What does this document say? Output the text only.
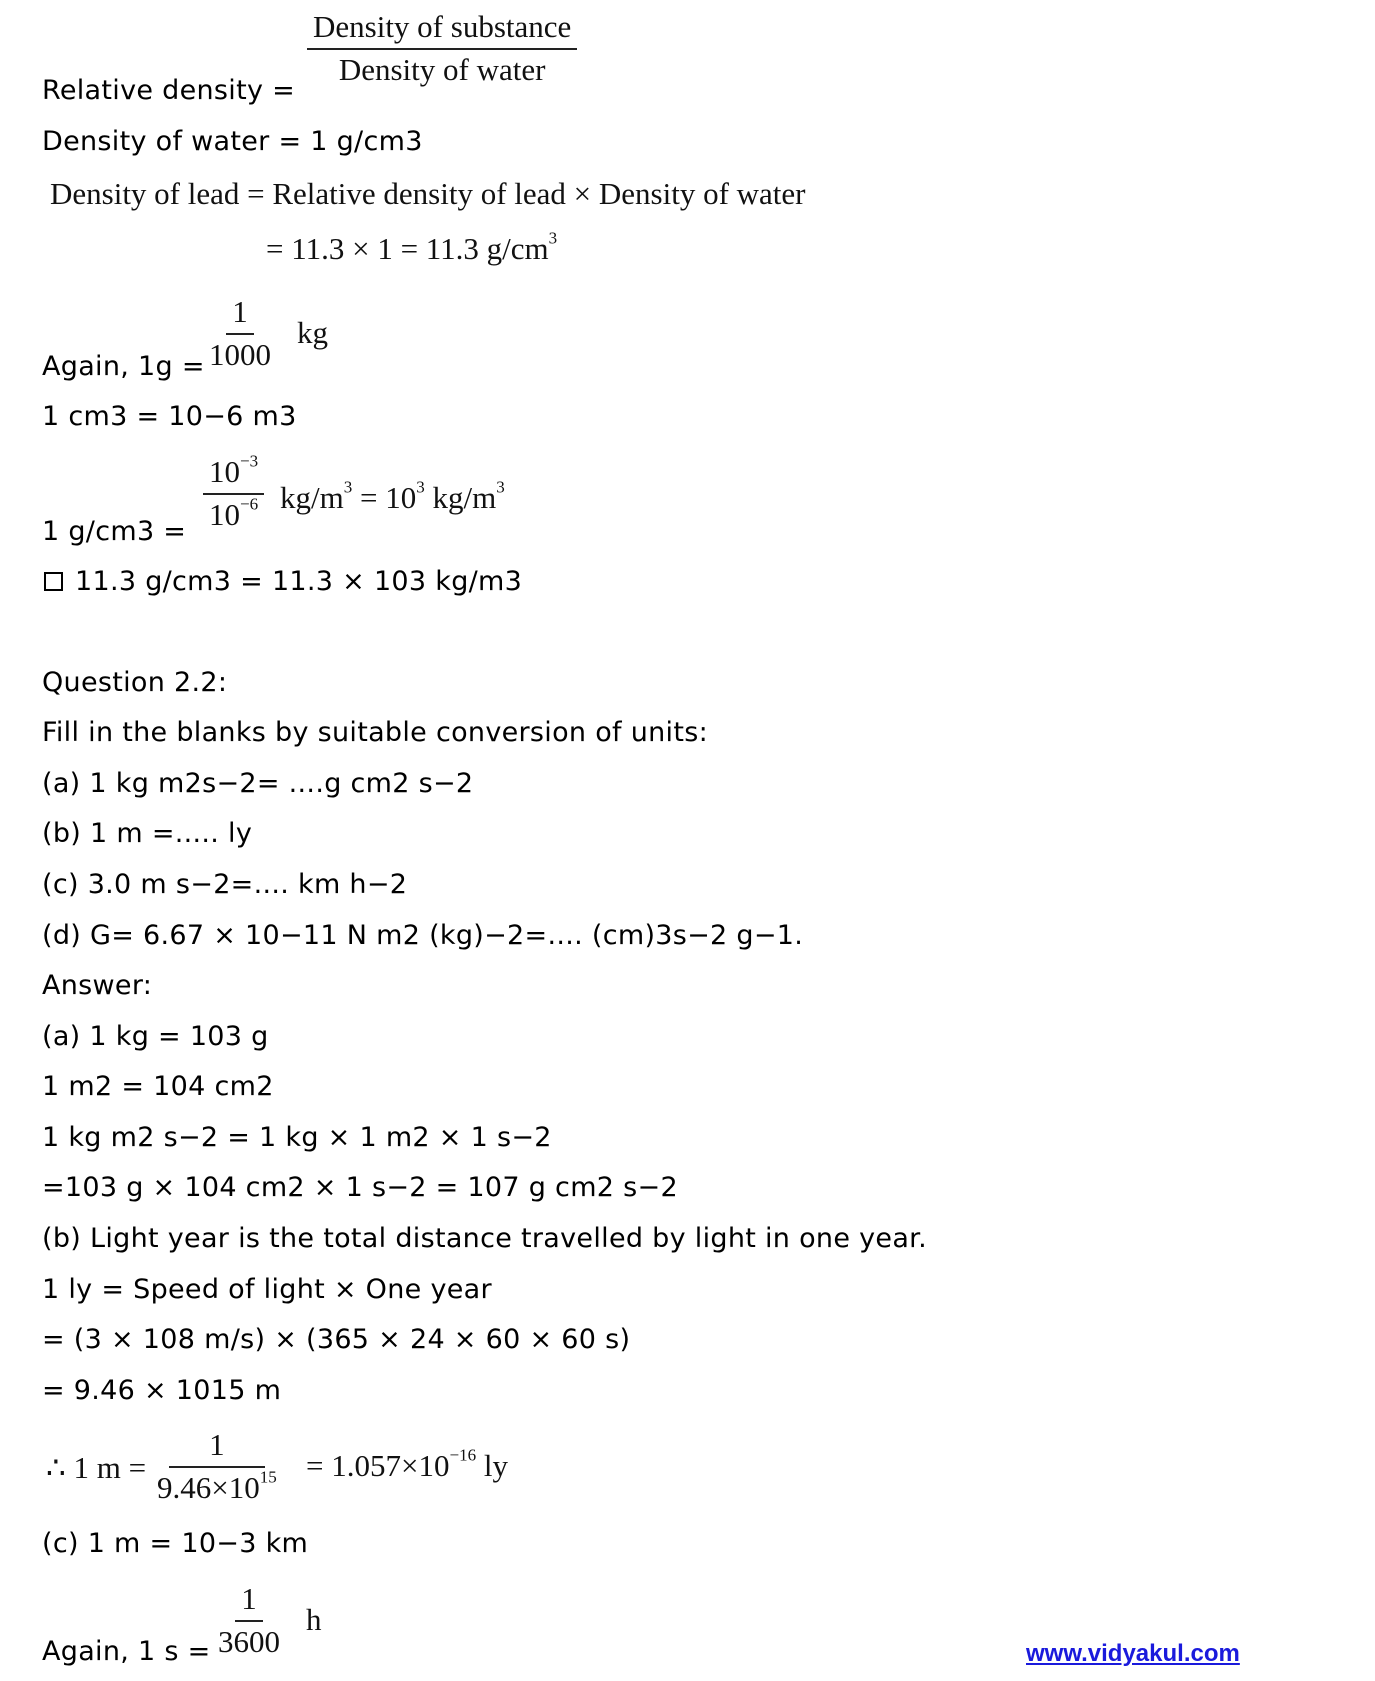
Density of substance
Density of water
Relative density =
Density of water = 1 g/cm3
Density of lead = Relative density of lead × Density of water
= 11.3 × 1 = 11.3 $g/cm^3$
$\frac{1}{1000}$ kg
Again, 1g =
1 cm3 = 10−6 m3
$\frac{10^{-3}}{10^{-6}} kg/m^3 = 10^3$ $kg/m^3$
1 g/cm3 =
11.3 g/cm3 = 11.3 × 103 kg/m3
Question 2.2:
Fill in the blanks by suitable conversion of units:
(a) 1 kg m2s−2= ....g cm2 s−2
(b) 1 m =..... ly
(c) 3.0 m s−2=.... km h−2
(d) G= 6.67 × 10−11 N m2 (kg)−2=.... (cm)3s−2 g−1.
Answer:
(a) 1 kg = 103 g
1 m2 = 104 cm2
1 kg m2 s−2 = 1 kg × 1 m2 × 1 s−2
=103 g × 104 cm2 × 1 s−2 = 107 g cm2 s−2
(b) Light year is the total distance travelled by light in one year.
1 ly = Speed of light × One year
= (3 × 108 m/s) × (365 × 24 × 60 × 60 s)
= 9.46 × 1015 m
∴ 1 $m = \frac{1}{9.46\times 10^{15}} = 1.057\times 10^{-16}$ ly
(c) 1 m = 10−3 km
$\frac{1}{3600}$ h
Again, 1 s =	www.vidyakul.com
